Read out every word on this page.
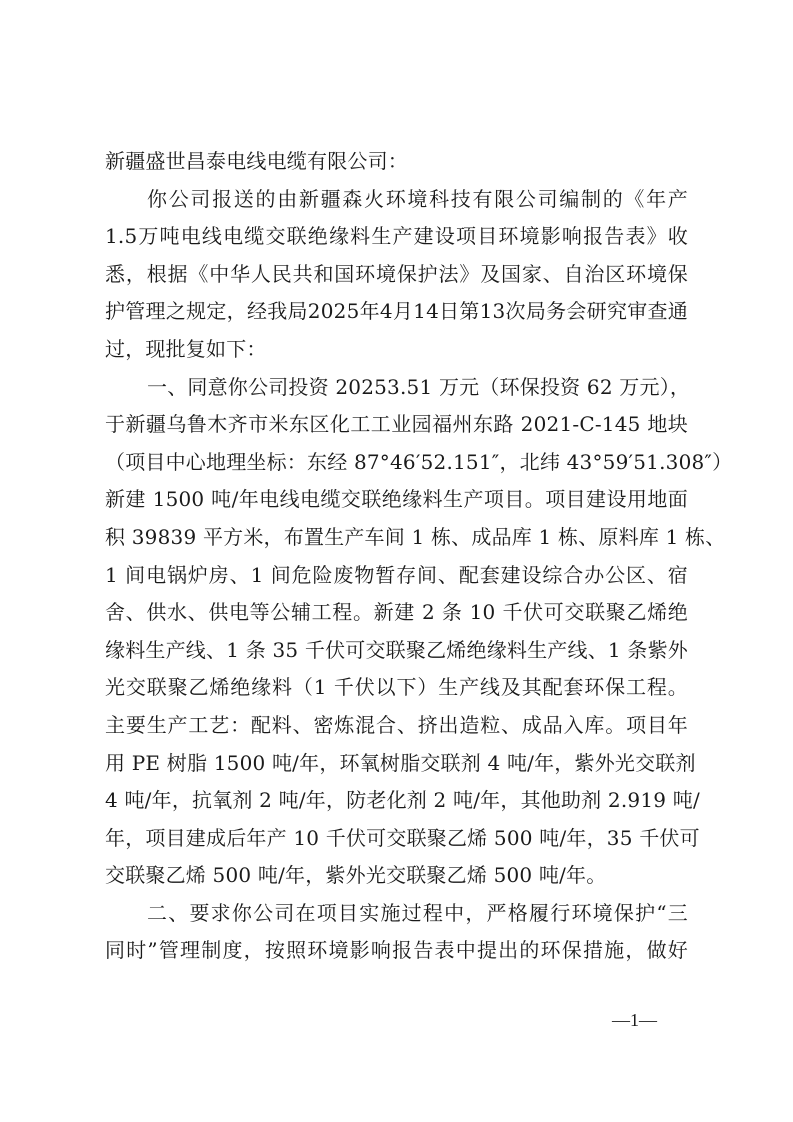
新疆盛世昌泰电线电缆有限公司：
你公司报送的由新疆森火环境科技有限公司编制的《年产
1.5万吨电线电缆交联绝缘料生产建设项目环境影响报告表》收
悉，根据《中华人民共和国环境保护法》及国家、自治区环境保
护管理之规定，经我局2025年4月14日第13次局务会研究审查通
过，现批复如下：
一、同意你公司投资 20253.51 万元（环保投资 62 万元），
于新疆乌鲁木齐市米东区化工工业园福州东路 2021-C-145 地块
（项目中心地理坐标：东经 87°46′52.151″，北纬 43°59′51.308″）
新建 1500 吨/年电线电缆交联绝缘料生产项目。项目建设用地面
积 39839 平方米，布置生产车间 1 栋、成品库 1 栋、原料库 1 栋、
1 间电锅炉房、1 间危险废物暂存间、配套建设综合办公区、宿
舍、供水、供电等公辅工程。新建 2 条 10 千伏可交联聚乙烯绝
缘料生产线、1 条 35 千伏可交联聚乙烯绝缘料生产线、1 条紫外
光交联聚乙烯绝缘料（1 千伏以下）生产线及其配套环保工程。
主要生产工艺：配料、密炼混合、挤出造粒、成品入库。项目年
用 PE 树脂 1500 吨/年，环氧树脂交联剂 4 吨/年，紫外光交联剂
4 吨/年，抗氧剂 2 吨/年，防老化剂 2 吨/年，其他助剂 2.919 吨/
年，项目建成后年产 10 千伏可交联聚乙烯 500 吨/年，35 千伏可
交联聚乙烯 500 吨/年，紫外光交联聚乙烯 500 吨/年。
二、要求你公司在项目实施过程中，严格履行环境保护“三
同时”管理制度，按照环境影响报告表中提出的环保措施，做好
—1—
